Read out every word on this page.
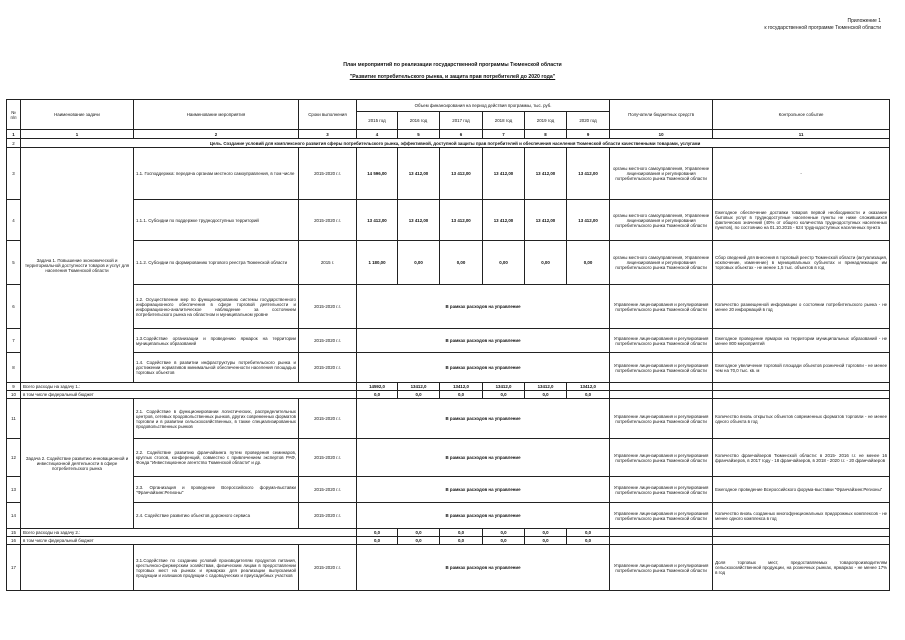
Приложение 1
к государственной программе Тюменской области
План мероприятий по реализации государственной программы Тюменской области
"Развитие потребительского рынка, и защита прав потребителей до 2020 года"
№ п/п	Наименование задачи	Наименование мероприятия	Сроки выполнения	Объем финансирования на период действия программы, тыс. руб.						Получатели бюджетных средств	Контрольное событие
				2015 год	2016 год	2017 год	2018 год	2019 год	2020 год		
1	1	2	3	4	5	6	7	8	9	10	11
2	Цель. Создание условий для комплексного развития сферы потребительского рынка, эффективной, доступной защиты прав потребителей и обеспечения населения Тюменской области качественными товарами, услугами										
3	Задача 1. Повышение экономической и территориальной доступности товаров и услуг для населения Тюменской области	1.1. Господдержка: передача органам местного самоуправления, в том числе	2015-2020 г.г.	14 596,00	13 412,00	13 412,00	13 412,00	13 412,00	13 412,00	органы местного самоуправления, Управление лицензирования и регулирования потребительского рынка Тюменской области	-
4		1.1.1. Субсидии по поддержке труднодоступных территорий	2015-2020 г.г.	13 412,00	13 412,00	13 412,00	13 412,00	13 412,00	13 412,00	органы местного самоуправления, Управление лицензирования и регулирования потребительского рынка Тюменской области	Ежегодное обеспечение доставки товаров первой необходимости и оказание бытовых услуг в труднодоступные населенные пункты не ниже сложившихся фактических значений (40% от общего количества труднодоступных населенных пунктов), по состоянию на 01.10.2015 - 624 труднодоступных населенных пункта
5		1.1.2. Субсидии по формированию торгового реестра Тюменской области	2015 г.	1 180,00	0,00	0,00	0,00	0,00	0,00	органы местного самоуправления, Управление лицензирования и регулирования потребительского рынка Тюменской области	Сбор сведений для внесения в торговый реестр Тюменской области (актуализация, исключение, изменение) в муниципальных субъектах и принадлежащих им торговых объектах - не менее 1,5 тыс. объектов в год
6		1.2. Осуществление мер по функционированию системы государственного информационного обеспечения в сфере торговой деятельности и информационно-аналитическое наблюдение за состоянием потребительского рынка на областном и муниципальном уровне	2015-2020 г.г.	В рамках расходов на управление						Управление лицензирования и регулирования потребительского рынка Тюменской области	Количество размещенной информации о состоянии потребительского рынка - не менее 20 информаций в год
7		1.3.Содействие организации и проведению ярмарок на территории муниципальных образований	2015-2020 г.г.	В рамках расходов на управление						Управление лицензирования и регулирования потребительского рынка Тюменской области	Ежегодное проведение ярмарок на территории муниципальных образований - не менее 800 мероприятий
8		1.4. Содействие в развитии инфраструктуры потребительского рынка и достижении нормативов минимальной обеспеченности населения площадью торговых объектов	2015-2020 г.г.	В рамках расходов на управление						Управление лицензирования и регулирования потребительского рынка Тюменской области	Ежегодное увеличение торговой площади объектов розничной торговли - не менее чем на 70,0 тыс. кв. м
9	Всего расходы на задачу 1.:			14592,0	13412,0	13412,0	13412,0	13412,0	13412,0		
10	в том числе федеральный бюджет			0,0	0,0	0,0	0,0	0,0	0,0		
11	Задача 2. Содействие развитию инновационной и инвестиционной деятельности в сфере потребительского рынка	2.1. Содействие в функционировании логистических, распределительных центров, сетевых продовольственных рынков, других современных форматов торговли и в развитии сельскохозяйственных, в также специализированных продовольственных рынков	2015-2020 г.г.	В рамках расходов на управление						Управление лицензирования и регулирования потребительского рынка Тюменской области	Количество вновь открытых объектов современных форматов торговли - не менее одного объекта в год
12		2.2. Содействие развитию франчайзинга путем проведения семинаров, круглых столов, конференций, совместно с привлечением экспертов РАФ, Фонда "Инвестиционное агентство Тюменской области" и др.	2015-2020 г.г.	В рамках расходов на управление						Управление лицензирования и регулирования потребительского рынка Тюменской области	Количество франчайзеров Тюменской области: в 2015- 2016 г.г. не менее 16 франчайзеров, в 2017 году - 18 франчайзеров, в 2018 - 2020 г.г. - 20 франчайзеров
13		2.3. Организация и проведение Всероссийского форума-выставки "Франчайзинг.Регионы"	2015-2020 г.г.	В рамках расходов на управление						Управление лицензирования и регулирования потребительского рынка Тюменской области	Ежегодное проведение Всероссийского форума-выставки "Франчайзинг.Регионы"
14		2.4. Содействие развитию объектов дорожного сервиса	2015-2020 г.г.	В рамках расходов на управление						Управление лицензирования и регулирования потребительского рынка Тюменской области	Количество вновь созданных многофункциональных придорожных комплексов - не менее одного комплекса в год
15	Всего расходы на задачу 2.:			0,0	0,0	0,0	0,0	0,0	0,0		
16	в том числе федеральный бюджет			0,0	0,0	0,0	0,0	0,0	0,0		
17		3.1.Содействие по созданию условий производителям продуктов питания, крестьянско-фермерским хозяйствам, физическим лицам в предоставлении торговых мест на рынках и ярмарках для реализации выпускаемой продукции и излишков продукции с садоводческих и приусадебных участков	2015-2020 г.г.	В рамках расходов на управление						Управление лицензирования и регулирования потребительского рынка Тюменской области	Доля торговых мест, предоставляемых товаропроизводителям сельскохозяйственной продукции, на розничных рынках, ярмарках - не менее 17% в год
